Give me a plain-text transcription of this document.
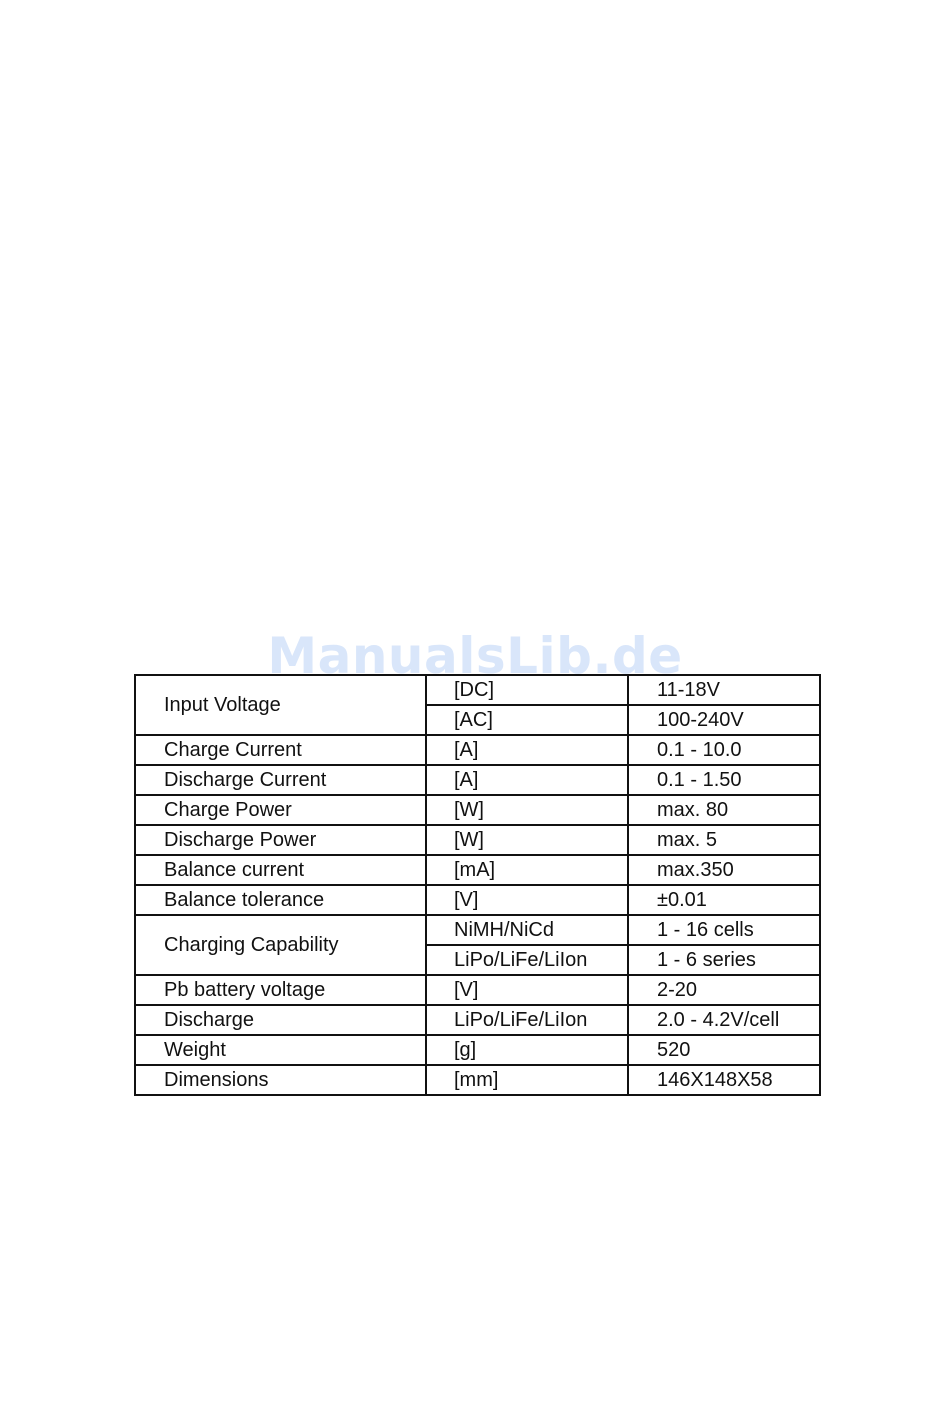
ManualsLib.de
Input Voltage	[DC]	11-18V
	[AC]	100-240V
Charge Current	[A]	0.1 - 10.0
Discharge Current	[A]	0.1 - 1.50
Charge Power	[W]	max. 80
Discharge Power	[W]	max. 5
Balance current	[mA]	max.350
Balance tolerance	[V]	±0.01
Charging Capability	NiMH/NiCd	1 - 16 cells
	LiPo/LiFe/LiIon	1 - 6 series
Pb battery voltage	[V]	2-20
Discharge	LiPo/LiFe/LiIon	2.0 - 4.2V/cell
Weight	[g]	520
Dimensions	[mm]	146X148X58
